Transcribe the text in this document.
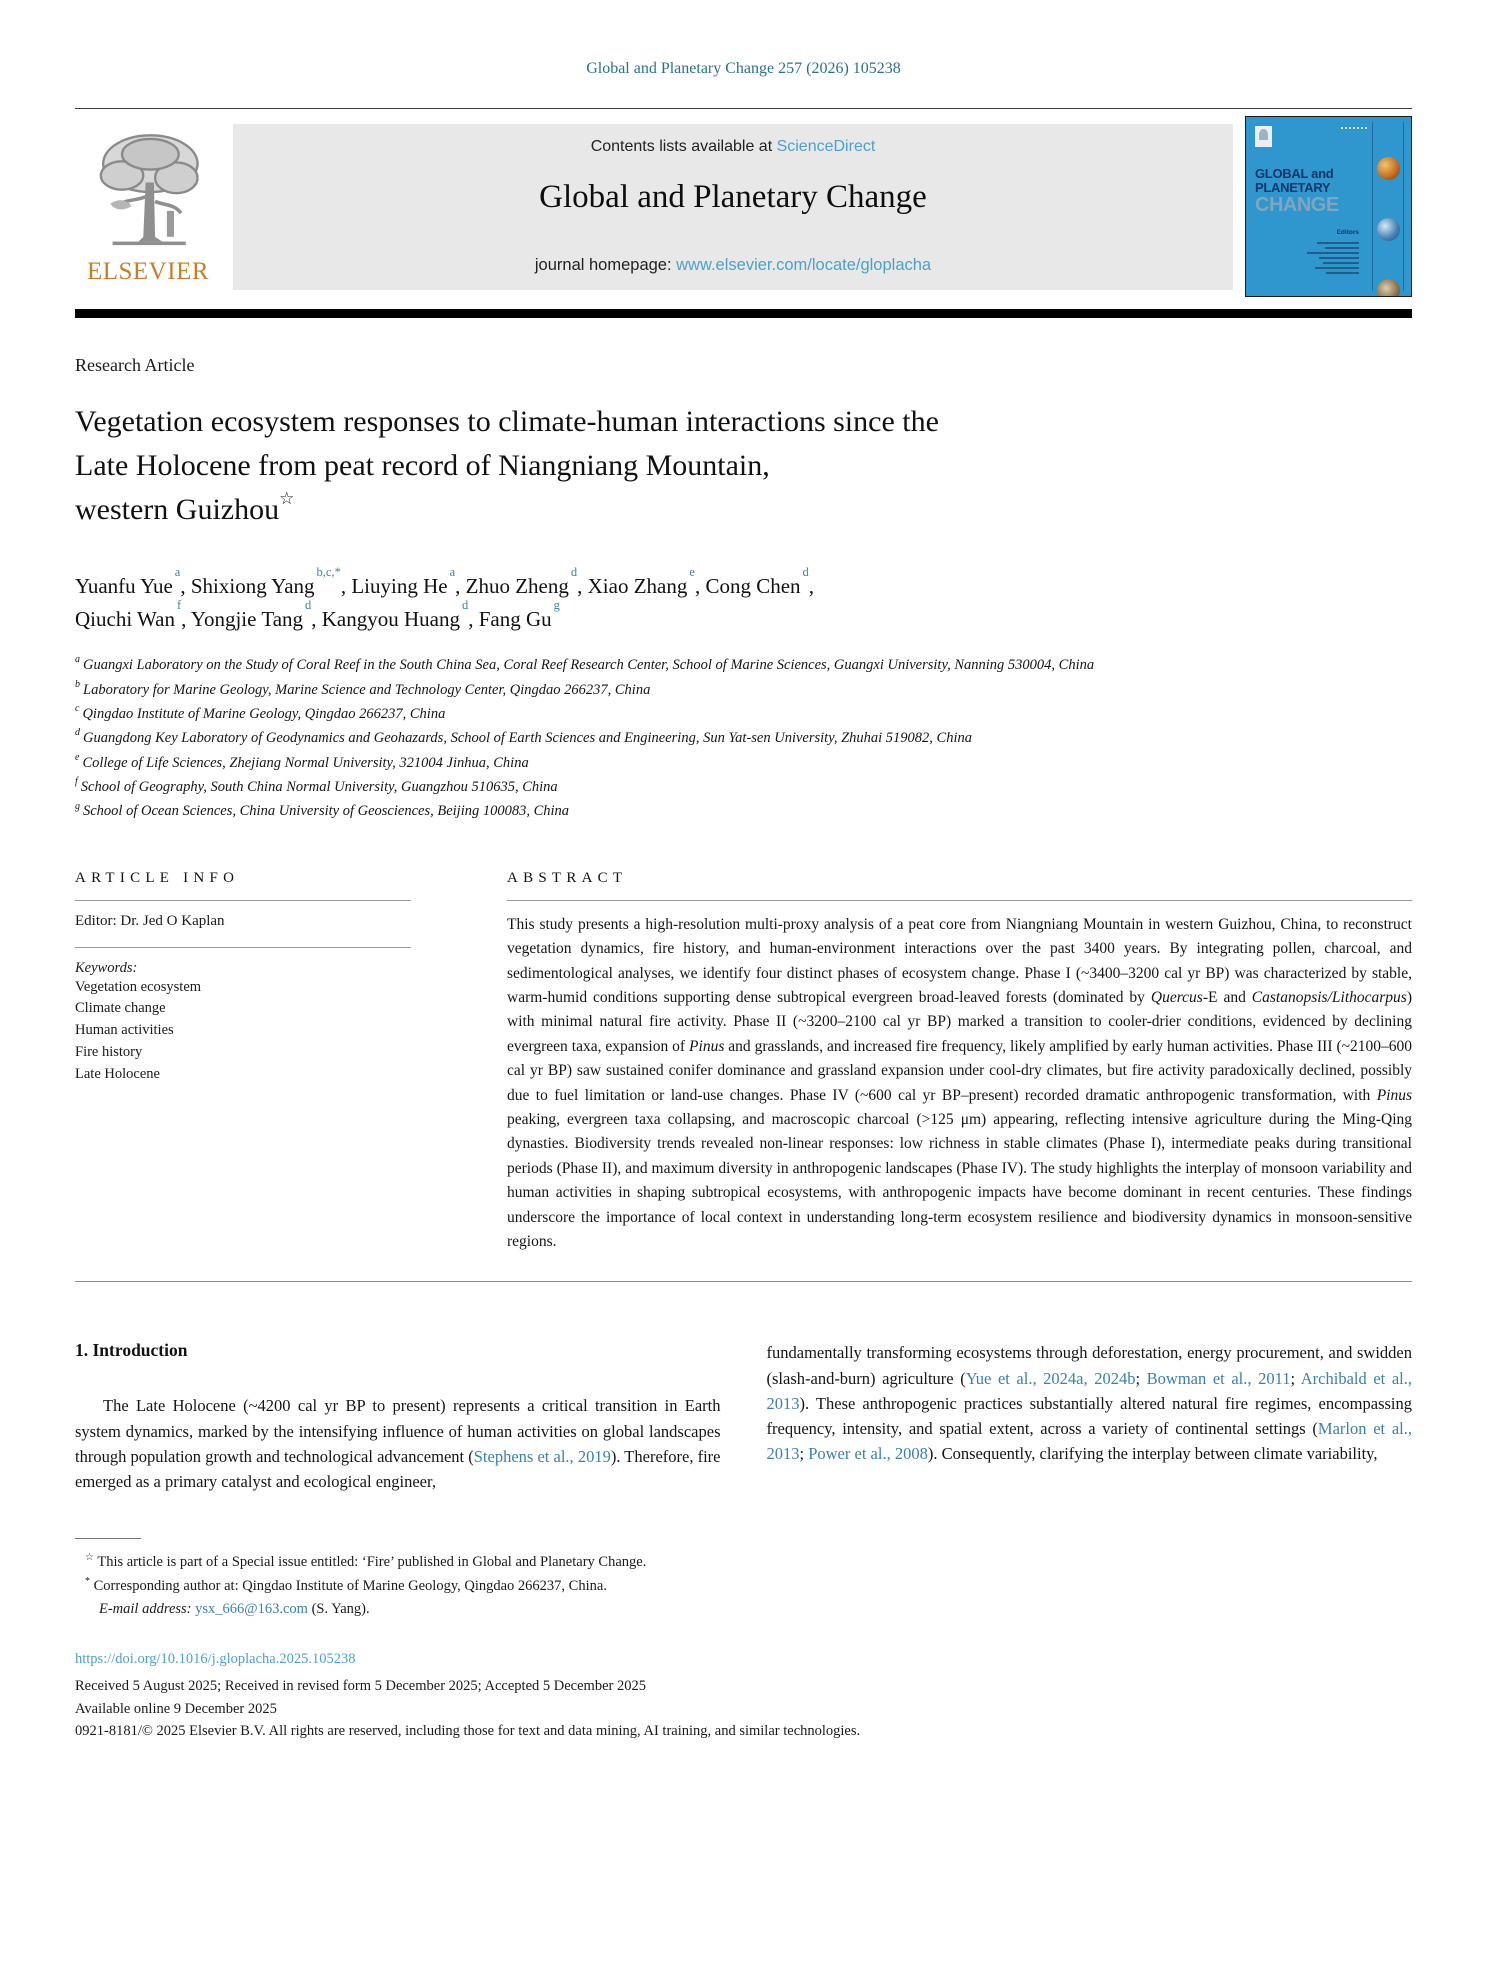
Global and Planetary Change 257 (2026) 105238
ELSEVIER
Contents lists available at ScienceDirect
Global and Planetary Change
journal homepage: www.elsevier.com/locate/gloplacha
GLOBAL and
PLANETARY
CHANGE
Editors
Research Article
Vegetation ecosystem responses to climate-human interactions since the
Late Holocene from peat record of Niangniang Mountain,
western Guizhou☆
Yuanfu Yue$^a$, Shixiong Yang$^{b,c,*}$, Liuying He$^a$, Zhuo Zheng$^d$, Xiao Zhang$^e$, Cong Chen$^d$,
Qiuchi Wan$^f$, Yongjie Tang$^d$, Kangyou Huang$^d$, Fang Gu$^g$
$^a$ Guangxi Laboratory on the Study of Coral Reef in the South China Sea, Coral Reef Research Center, School of Marine Sciences, Guangxi University, Nanning 530004, China
$^b$ Laboratory for Marine Geology, Marine Science and Technology Center, Qingdao 266237, China
$^c$ Qingdao Institute of Marine Geology, Qingdao 266237, China
$^d$ Guangdong Key Laboratory of Geodynamics and Geohazards, School of Earth Sciences and Engineering, Sun Yat-sen University, Zhuhai 519082, China
$^e$ College of Life Sciences, Zhejiang Normal University, 321004 Jinhua, China
$^f$ School of Geography, South China Normal University, Guangzhou 510635, China
$^g$ School of Ocean Sciences, China University of Geosciences, Beijing 100083, China
ARTICLE INFO
Editor: Dr. Jed O Kaplan
Keywords:
Vegetation ecosystem
Climate change
Human activities
Fire history
Late Holocene
ABSTRACT

This study presents a high-resolution multi-proxy analysis of a peat core from Niangniang Mountain in western Guizhou, China, to reconstruct vegetation dynamics, fire history, and human-environment interactions over the past 3400 years. By integrating pollen, charcoal, and sedimentological analyses, we identify four distinct phases of ecosystem change. Phase I (~3400–3200 cal yr BP) was characterized by stable, warm-humid conditions supporting dense subtropical evergreen broad-leaved forests (dominated by Quercus-E and Castanopsis/Lithocarpus) with minimal natural fire activity. Phase II (~3200–2100 cal yr BP) marked a transition to cooler-drier conditions, evidenced by declining evergreen taxa, expansion of Pinus and grasslands, and increased fire frequency, likely amplified by early human activities. Phase III (~2100–600 cal yr BP) saw sustained conifer dominance and grassland expansion under cool-dry climates, but fire activity paradoxically declined, possibly due to fuel limitation or land-use changes. Phase IV (~600 cal yr BP–present) recorded dramatic anthropogenic transformation, with Pinus peaking, evergreen taxa collapsing, and macroscopic charcoal (>125 μm) appearing, reflecting intensive agriculture during the Ming-Qing dynasties. Biodiversity trends revealed non-linear responses: low richness in stable climates (Phase I), intermediate peaks during transitional periods (Phase II), and maximum diversity in anthropogenic landscapes (Phase IV). The study highlights the interplay of monsoon variability and human activities in shaping subtropical ecosystems, with anthropogenic impacts have become dominant in recent centuries. These findings underscore the importance of local context in understanding long-term ecosystem resilience and biodiversity dynamics in monsoon-sensitive regions.

1. Introduction

The Late Holocene (~4200 cal yr BP to present) represents a critical transition in Earth system dynamics, marked by the intensifying influence of human activities on global landscapes through population growth and technological advancement (Stephens et al., 2019). Therefore, fire emerged as a primary catalyst and ecological engineer,

fundamentally transforming ecosystems through deforestation, energy procurement, and swidden (slash-and-burn) agriculture (Yue et al., 2024a, 2024b; Bowman et al., 2011; Archibald et al., 2013). These anthropogenic practices substantially altered natural fire regimes, encompassing frequency, intensity, and spatial extent, across a variety of continental settings (Marlon et al., 2013; Power et al., 2008). Consequently, clarifying the interplay between climate variability,

☆ This article is part of a Special issue entitled: ‘Fire’ published in Global and Planetary Change.
* Corresponding author at: Qingdao Institute of Marine Geology, Qingdao 266237, China.
E-mail address: ysx_666@163.com (S. Yang).
https://doi.org/10.1016/j.gloplacha.2025.105238
Received 5 August 2025; Received in revised form 5 December 2025; Accepted 5 December 2025
Available online 9 December 2025
0921-8181/© 2025 Elsevier B.V. All rights are reserved, including those for text and data mining, AI training, and similar technologies.
